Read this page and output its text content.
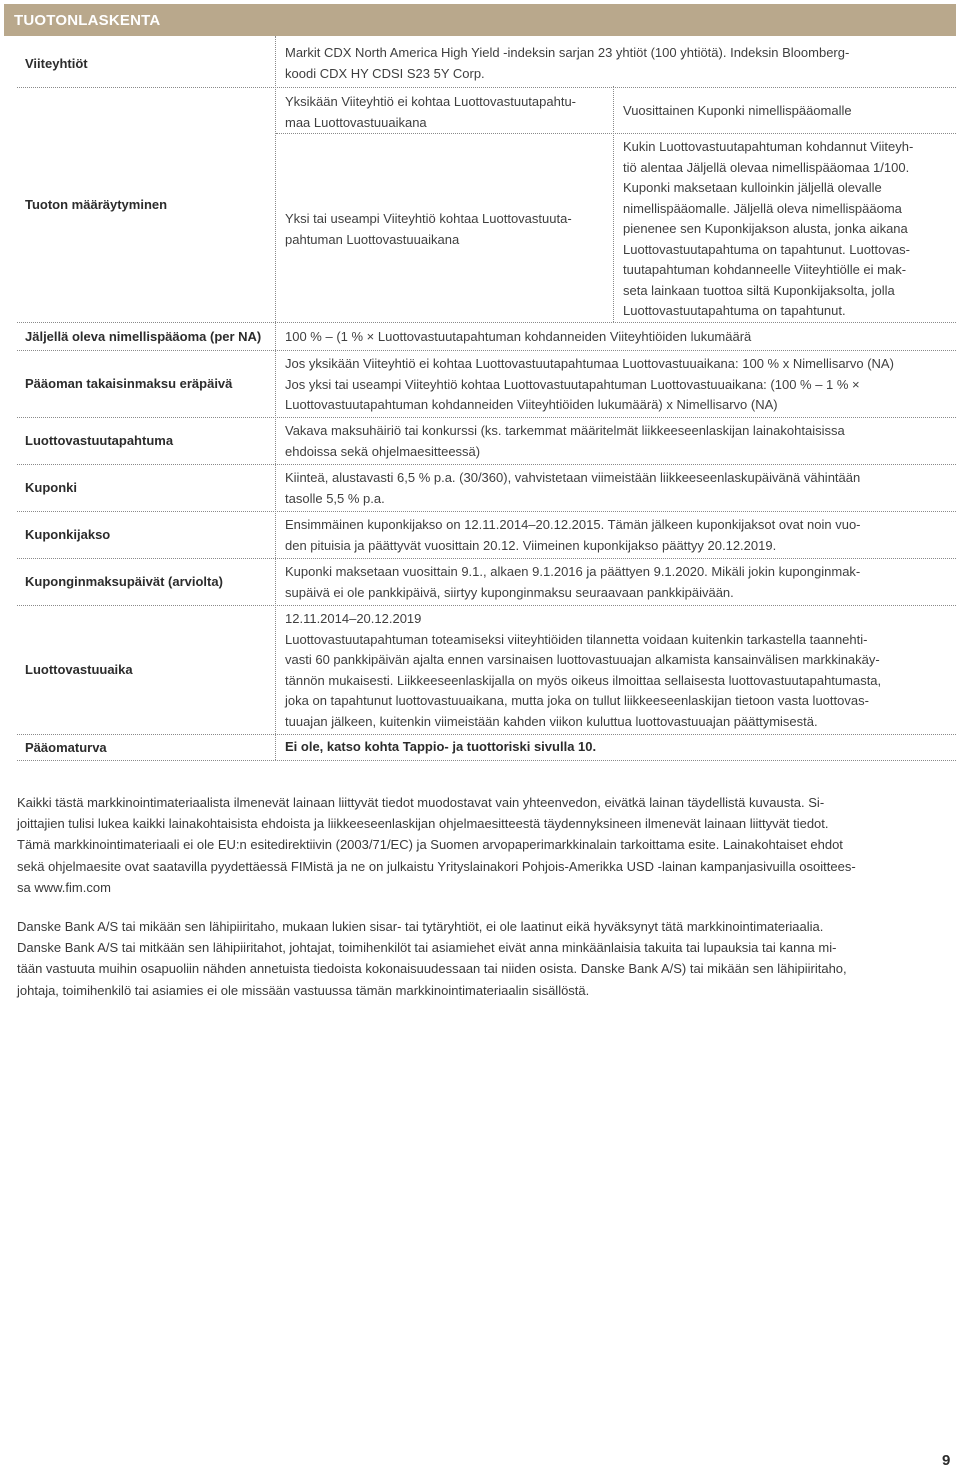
TUOTONLASKENTA
Viiteyhtiöt
Markit CDX North America High Yield -indeksin sarjan 23 yhtiöt (100 yhtiötä). Indeksin Bloomberg-
koodi CDX HY CDSI S23 5Y Corp.
Tuoton määräytyminen
Yksikään Viiteyhtiö ei kohtaa Luottovastuutapahtu-
maa Luottovastuuaikana
Vuosittainen Kuponki nimellispääomalle
Yksi tai useampi Viiteyhtiö kohtaa Luottovastuuta-
pahtuman Luottovastuuaikana
Kukin Luottovastuutapahtuman kohdannut Viiteyh-
tiö alentaa Jäljellä olevaa nimellispääomaa 1/100.
Kuponki maksetaan kulloinkin jäljellä olevalle
nimellispääomalle. Jäljellä oleva nimellispääoma
pienenee sen Kuponkijakson alusta, jonka aikana
Luottovastuutapahtuma on tapahtunut. Luottovas-
tuutapahtuman kohdanneelle Viiteyhtiölle ei mak-
seta lainkaan tuottoa siltä Kuponkijaksolta, jolla
Luottovastuutapahtuma on tapahtunut.
Jäljellä oleva nimellispääoma (per NA) 100 % – (1 % × Luottovastuutapahtuman kohdanneiden Viiteyhtiöiden lukumäärä
Pääoman takaisinmaksu eräpäivä
Jos yksikään Viiteyhtiö ei kohtaa Luottovastuutapahtumaa Luottovastuuaikana: 100 % x Nimellisarvo (NA)
Jos yksi tai useampi Viiteyhtiö kohtaa Luottovastuutapahtuman Luottovastuuaikana: (100 % – 1 % ×
Luottovastuutapahtuman kohdanneiden Viiteyhtiöiden lukumäärä) x Nimellisarvo (NA)
Luottovastuutapahtuma
Vakava maksuhäiriö tai konkurssi (ks. tarkemmat määritelmät liikkeeseenlaskijan lainakohtaisissa
ehdoissa sekä ohjelmaesitteessä)
Kuponki
Kiinteä, alustavasti 6,5 % p.a. (30/360), vahvistetaan viimeistään liikkeeseenlaskupäivänä vähintään
tasolle 5,5 % p.a.
Kuponkijakso
Ensimmäinen kuponkijakso on 12.11.2014–20.12.2015. Tämän jälkeen kuponkijaksot ovat noin vuo-
den pituisia ja päättyvät vuosittain 20.12. Viimeinen kuponkijakso päättyy 20.12.2019.
Kuponginmaksupäivät (arviolta)
Kuponki maksetaan vuosittain 9.1., alkaen 9.1.2016 ja päättyen 9.1.2020. Mikäli jokin kuponginmak-
supäivä ei ole pankkipäivä, siirtyy kuponginmaksu seuraavaan pankkipäivään.
Luottovastuuaika
12.11.2014–20.12.2019
Luottovastuutapahtuman toteamiseksi viiteyhtiöiden tilannetta voidaan kuitenkin tarkastella taannehti-
vasti 60 pankkipäivän ajalta ennen varsinaisen luottovastuuajan alkamista kansainvälisen markkinakäy-
tännön mukaisesti. Liikkeeseenlaskijalla on myös oikeus ilmoittaa sellaisesta luottovastuutapahtumasta,
joka on tapahtunut luottovastuuaikana, mutta joka on tullut liikkeeseenlaskijan tietoon vasta luottovas-
tuuajan jälkeen, kuitenkin viimeistään kahden viikon kuluttua luottovastuuajan päättymisestä.
Pääomaturva	Ei ole, katso kohta Tappio- ja tuottoriski sivulla 10.
Kaikki tästä markkinointimateriaalista ilmenevät lainaan liittyvät tiedot muodostavat vain yhteenvedon, eivätkä lainan täydellistä kuvausta. Si-
joittajien tulisi lukea kaikki lainakohtaisista ehdoista ja liikkeeseenlaskijan ohjelmaesitteestä täydennyksineen ilmenevät lainaan liittyvät tiedot.
Tämä markkinointimateriaali ei ole EU:n esitedirektiivin (2003/71/EC) ja Suomen arvopaperimarkkinalain tarkoittama esite. Lainakohtaiset ehdot
sekä ohjelmaesite ovat saatavilla pyydettäessä FIMistä ja ne on julkaistu Yrityslainakori Pohjois-Amerikka USD -lainan kampanjasivuilla osoittees-
sa www.fim.com
Danske Bank A/S tai mikään sen lähipiiritaho, mukaan lukien sisar- tai tytäryhtiöt, ei ole laatinut eikä hyväksynyt tätä markkinointimateriaalia.
Danske Bank A/S tai mitkään sen lähipiiritahot, johtajat, toimihenkilöt tai asiamiehet eivät anna minkäänlaisia takuita tai lupauksia tai kanna mi-
tään vastuuta muihin osapuoliin nähden annetuista tiedoista kokonaisuudessaan tai niiden osista. Danske Bank A/S) tai mikään sen lähipiiritaho,
johtaja, toimihenkilö tai asiamies ei ole missään vastuussa tämän markkinointimateriaalin sisällöstä.
9
